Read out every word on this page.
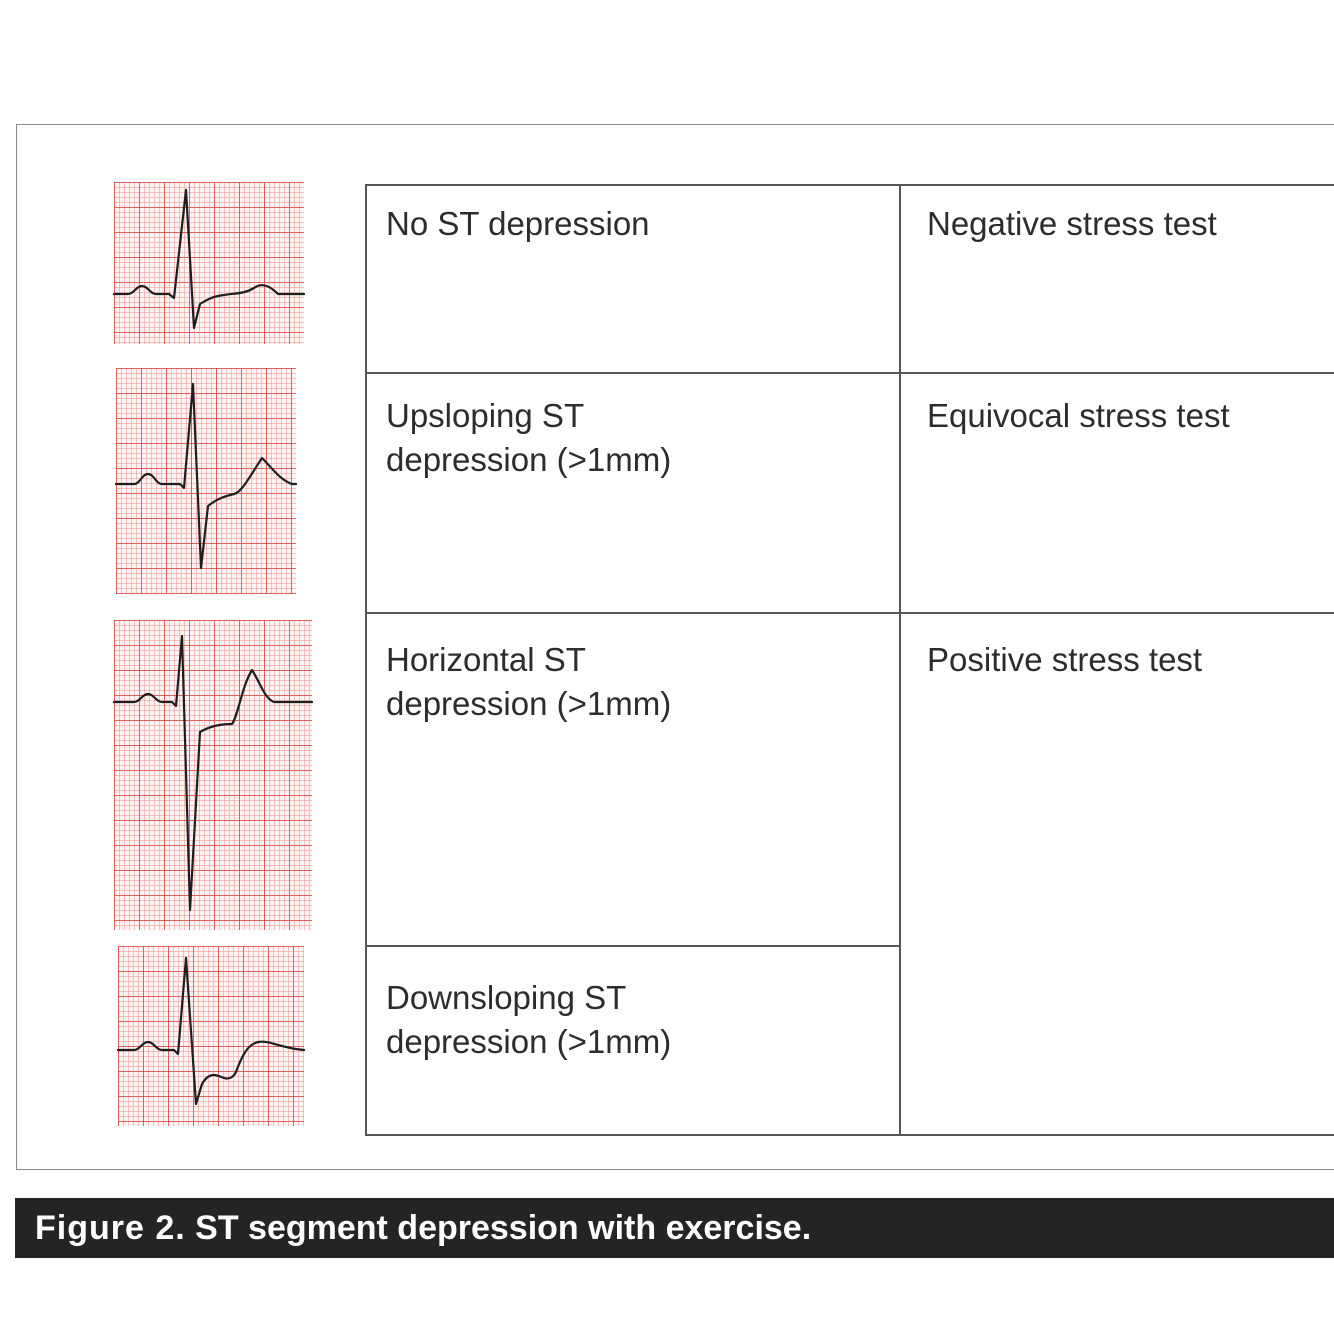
No ST depression	Negative stress test
Upsloping ST
depression (>1mm)
Equivocal stress test
Horizontal ST
depression (>1mm)
Positive stress test
Downsloping ST
depression (>1mm)
Figure 2. ST segment depression with exercise.
